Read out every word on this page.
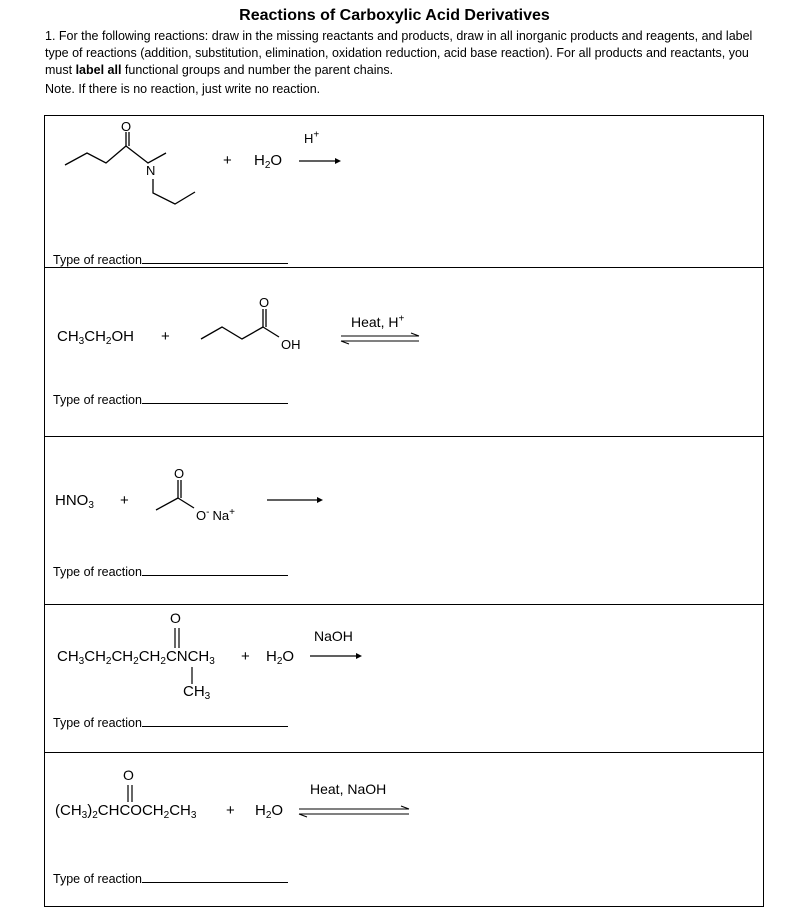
Reactions of Carboxylic Acid Derivatives

1. For the following reactions: draw in the missing reactants and products, draw in all inorganic products and reagents, and label type of reactions (addition, substitution, elimination, oxidation reduction, acid base reaction). For all products and reactants, you must label all functional groups and number the parent chains.

Note. If there is no reaction, just write no reaction.

O
N
+ $H_2O$
H+
Type of reaction
$CH_3CH_2OH$ +
O
OH
Heat, H+
Type of reaction
$HNO_3$ +
O
O- Na+
Type of reaction
O
$CH_3CH_2CH_2CH_2CNCH_3$
$CH_3$
+ $H_2O$
NaOH
Type of reaction
O
$(CH_3)_2CHCOCH_2CH_3 + H_2O$
Heat, NaOH
Type of reaction
